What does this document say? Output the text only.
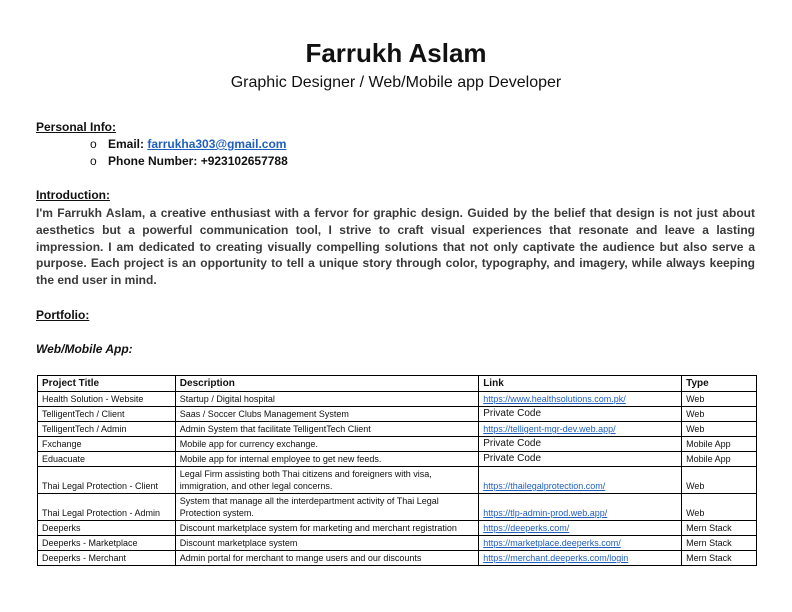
Farrukh Aslam
Graphic Designer / Web/Mobile app Developer
Personal Info:
o Email: farrukha303@gmail.com
o Phone Number: +923102657788
Introduction:
I'm Farrukh Aslam, a creative enthusiast with a fervor for graphic design. Guided by the belief that design is not just about aesthetics but a powerful communication tool, I strive to craft visual experiences that resonate and leave a lasting impression. I am dedicated to creating visually compelling solutions that not only captivate the audience but also serve a purpose. Each project is an opportunity to tell a unique story through color, typography, and imagery, while always keeping the end user in mind.
Portfolio:
Web/Mobile App:
Project Title	Description	Link	Type
Health Solution - Website	Startup / Digital hospital	https://www.healthsolutions.com.pk/	Web
TelligentTech / Client	Saas / Soccer Clubs Management System	Private Code	Web
TelligentTech / Admin	Admin System that facilitate TelligentTech Client	https://telligent-mgr-dev.web.app/	Web
Fxchange	Mobile app for currency exchange.	Private Code	Mobile App
Eduacuate	Mobile app for internal employee to get new feeds.	Private Code	Mobile App
Thai Legal Protection - Client	Legal Firm assisting both Thai citizens and foreigners with visa, immigration, and other legal concerns.	https://thailegalprotection.com/	Web
Thai Legal Protection - Admin	System that manage all the interdepartment activity of Thai Legal Protection system.	https://tlp-admin-prod.web.app/	Web
Deeperks	Discount marketplace system for marketing and merchant registration	https://deeperks.com/	Mern Stack
Deeperks - Marketplace	Discount marketplace system	https://marketplace.deeperks.com/	Mern Stack
Deeperks - Merchant	Admin portal for merchant to mange users and our discounts	https://merchant.deeperks.com/login	Mern Stack
